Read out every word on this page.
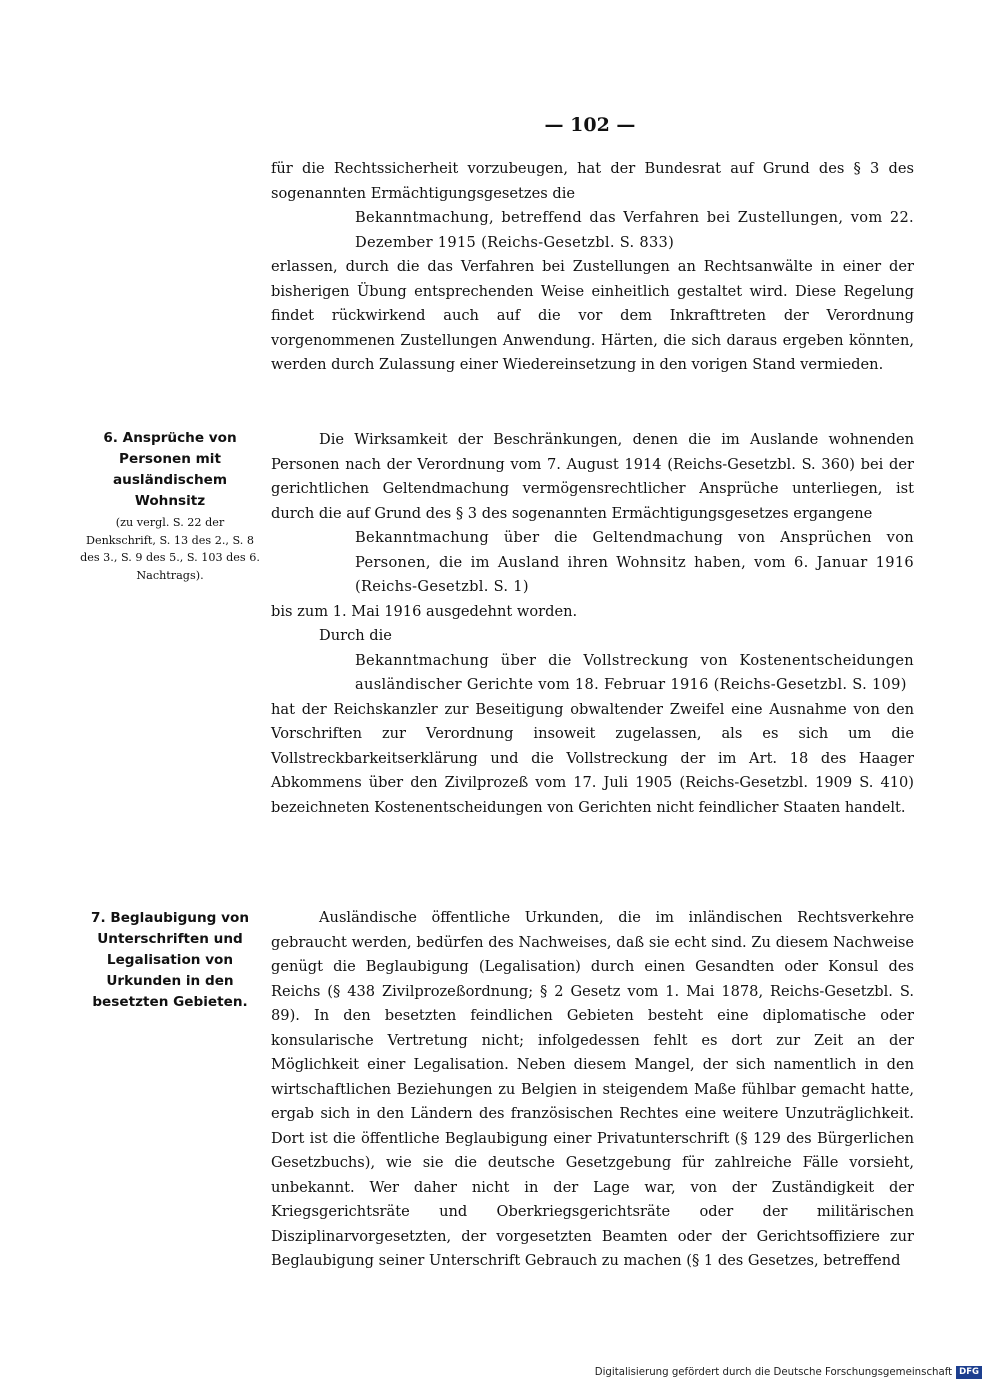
— 102 —

für die Rechtssicherheit vorzubeugen, hat der Bundesrat auf Grund des § 3 des sogenannten Ermächtigungsgesetzes die

Bekanntmachung, betreffend das Verfahren bei Zustellungen, vom 22. Dezember 1915 (Reichs-Gesetzbl. S. 833)

erlassen, durch die das Verfahren bei Zustellungen an Rechtsanwälte in einer der bisherigen Übung entsprechenden Weise einheitlich gestaltet wird. Diese Regelung findet rückwirkend auch auf die vor dem Inkrafttreten der Verordnung vorgenommenen Zustellungen Anwendung. Härten, die sich daraus ergeben könnten, werden durch Zulassung einer Wiedereinsetzung in den vorigen Stand vermieden.

6. Ansprüche von Personen mit ausländischem Wohnsitz
(zu vergl. S. 22 der Denkschrift, S. 13 des 2., S. 8 des 3., S. 9 des 5., S. 103 des 6. Nachtrags).

Die Wirksamkeit der Beschränkungen, denen die im Auslande wohnenden Personen nach der Verordnung vom 7. August 1914 (Reichs-Gesetzbl. S. 360) bei der gerichtlichen Geltendmachung vermögensrechtlicher Ansprüche unterliegen, ist durch die auf Grund des § 3 des sogenannten Ermächtigungsgesetzes ergangene

Bekanntmachung über die Geltendmachung von Ansprüchen von Personen, die im Ausland ihren Wohnsitz haben, vom 6. Januar 1916 (Reichs-Gesetzbl. S. 1)

bis zum 1. Mai 1916 ausgedehnt worden.

Durch die

Bekanntmachung über die Vollstreckung von Kostenentscheidungen ausländischer Gerichte vom 18. Februar 1916 (Reichs-Gesetzbl. S. 109)

hat der Reichskanzler zur Beseitigung obwaltender Zweifel eine Ausnahme von den Vorschriften zur Verordnung insoweit zugelassen, als es sich um die Vollstreckbarkeitserklärung und die Vollstreckung der im Art. 18 des Haager Abkommens über den Zivilprozeß vom 17. Juli 1905 (Reichs-Gesetzbl. 1909 S. 410) bezeichneten Kostenentscheidungen von Gerichten nicht feindlicher Staaten handelt.

7. Beglaubigung von Unterschriften und Legalisation von Urkunden in den besetzten Gebieten.

Ausländische öffentliche Urkunden, die im inländischen Rechtsverkehre gebraucht werden, bedürfen des Nachweises, daß sie echt sind. Zu diesem Nachweise genügt die Beglaubigung (Legalisation) durch einen Gesandten oder Konsul des Reichs (§ 438 Zivilprozeßordnung; § 2 Gesetz vom 1. Mai 1878, Reichs-Gesetzbl. S. 89). In den besetzten feindlichen Gebieten besteht eine diplomatische oder konsularische Vertretung nicht; infolgedessen fehlt es dort zur Zeit an der Möglichkeit einer Legalisation. Neben diesem Mangel, der sich namentlich in den wirtschaftlichen Beziehungen zu Belgien in steigendem Maße fühlbar gemacht hatte, ergab sich in den Ländern des französischen Rechtes eine weitere Unzuträglichkeit. Dort ist die öffentliche Beglaubigung einer Privatunterschrift (§ 129 des Bürgerlichen Gesetzbuchs), wie sie die deutsche Gesetzgebung für zahlreiche Fälle vorsieht, unbekannt. Wer daher nicht in der Lage war, von der Zuständigkeit der Kriegsgerichtsräte und Oberkriegsgerichtsräte oder der militärischen Disziplinarvorgesetzten, der vorgesetzten Beamten oder der Gerichtsoffiziere zur Beglaubigung seiner Unterschrift Gebrauch zu machen (§ 1 des Gesetzes, betreffend

Digitalisierung gefördert durch die Deutsche Forschungsgemeinschaft DFG
